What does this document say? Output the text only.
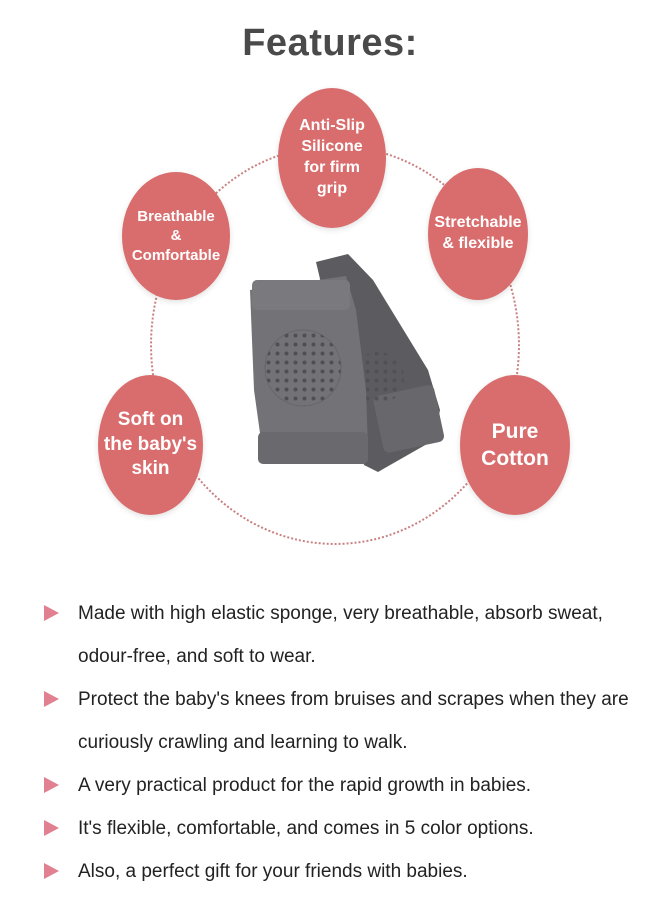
Features:
Anti-Slip
Silicone
for firm
grip
Breathable
&
Comfortable
Stretchable
& flexible
Soft on
the baby's
skin
Pure
Cotton
Made with high elastic sponge, very breathable, absorb sweat, odour-free, and soft to wear.
Protect the baby's knees from bruises and scrapes when they are curiously crawling and learning to walk.
A very practical product for the rapid growth in babies.
It's flexible, comfortable, and comes in 5 color options.
Also, a perfect gift for your friends with babies.
